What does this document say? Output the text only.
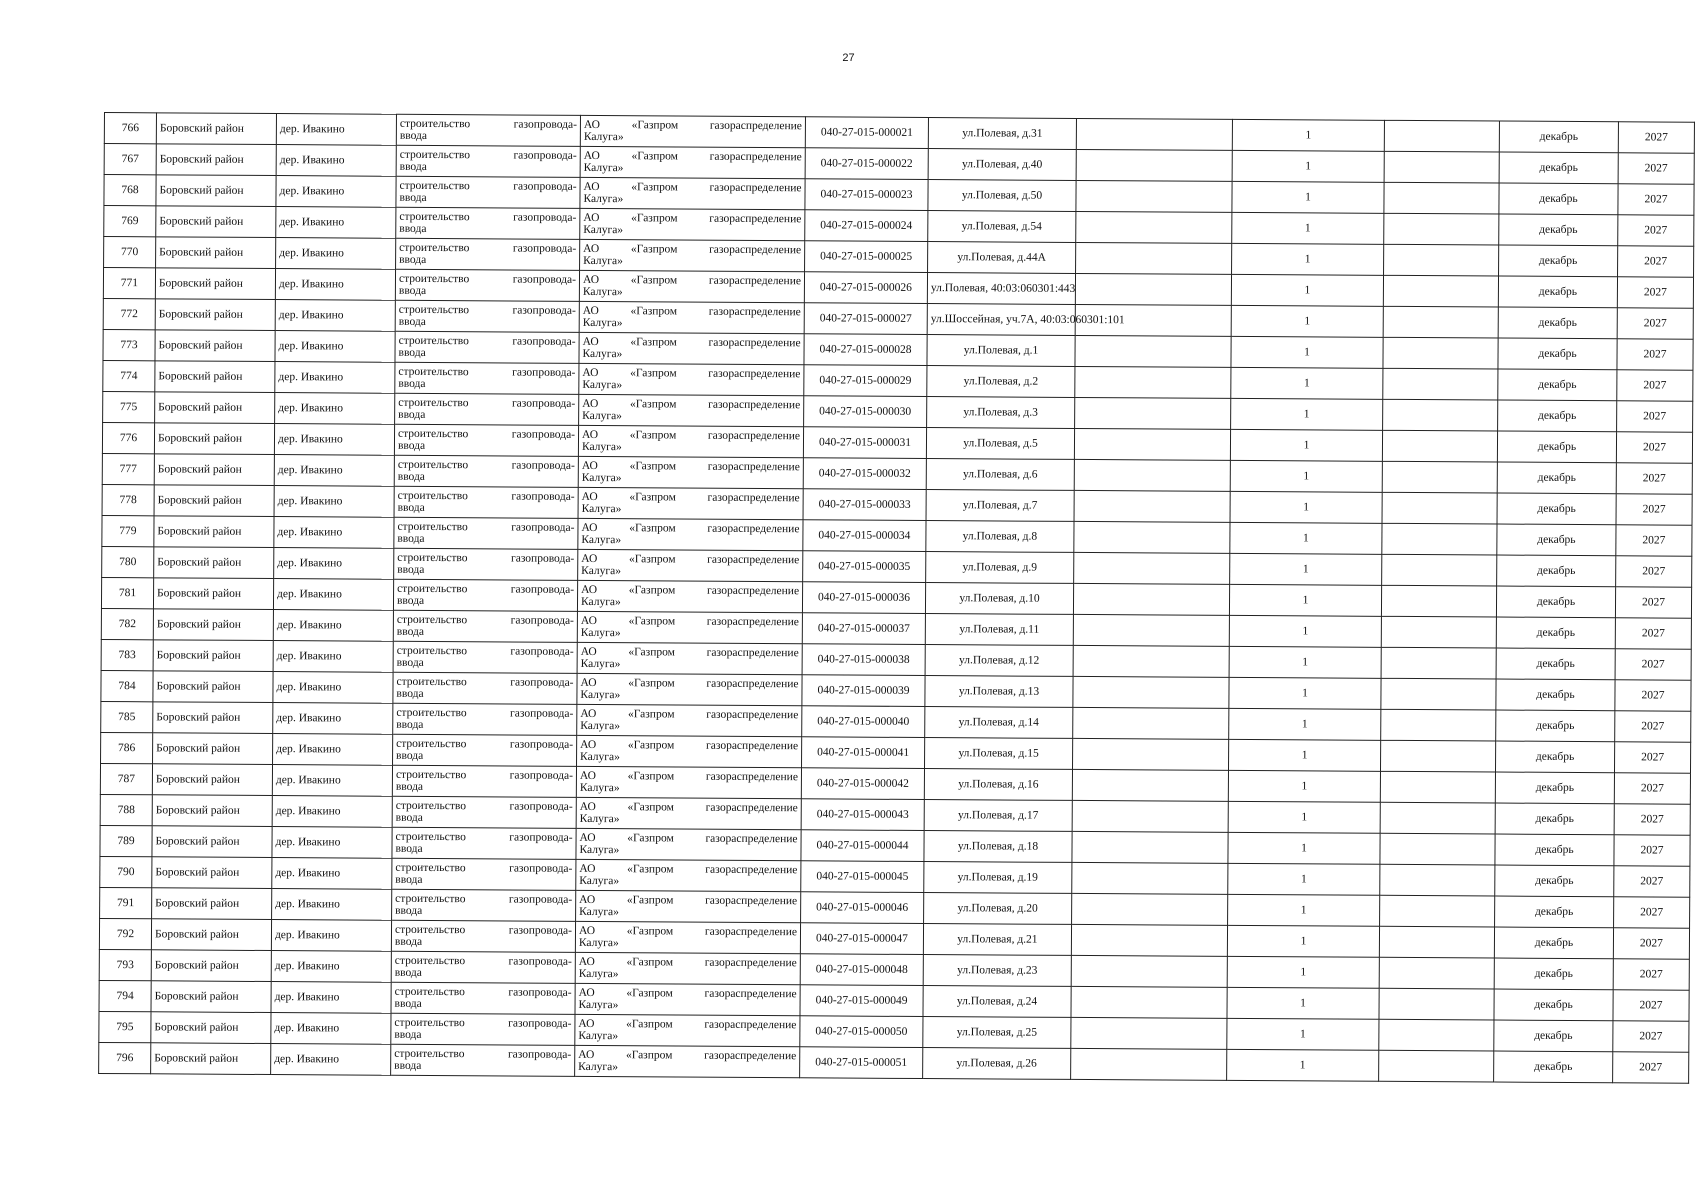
27
766	Боровский район	дер. Ивакино	строительство газопровода-
ввода	АО «Газпром газораспределение
Калуга»	040-27-015-000021	ул.Полевая, д.31		1		декабрь	2027
767	Боровский район	дер. Ивакино	строительство газопровода-
ввода	АО «Газпром газораспределение
Калуга»	040-27-015-000022	ул.Полевая, д.40		1		декабрь	2027
768	Боровский район	дер. Ивакино	строительство газопровода-
ввода	АО «Газпром газораспределение
Калуга»	040-27-015-000023	ул.Полевая, д.50		1		декабрь	2027
769	Боровский район	дер. Ивакино	строительство газопровода-
ввода	АО «Газпром газораспределение
Калуга»	040-27-015-000024	ул.Полевая, д.54		1		декабрь	2027
770	Боровский район	дер. Ивакино	строительство газопровода-
ввода	АО «Газпром газораспределение
Калуга»	040-27-015-000025	ул.Полевая, д.44А		1		декабрь	2027
771	Боровский район	дер. Ивакино	строительство газопровода-
ввода	АО «Газпром газораспределение
Калуга»	040-27-015-000026	ул.Полевая, 40:03:060301:443		1		декабрь	2027
772	Боровский район	дер. Ивакино	строительство газопровода-
ввода	АО «Газпром газораспределение
Калуга»	040-27-015-000027	ул.Шоссейная, уч.7А, 40:03:060301:101		1		декабрь	2027
773	Боровский район	дер. Ивакино	строительство газопровода-
ввода	АО «Газпром газораспределение
Калуга»	040-27-015-000028	ул.Полевая, д.1		1		декабрь	2027
774	Боровский район	дер. Ивакино	строительство газопровода-
ввода	АО «Газпром газораспределение
Калуга»	040-27-015-000029	ул.Полевая, д.2		1		декабрь	2027
775	Боровский район	дер. Ивакино	строительство газопровода-
ввода	АО «Газпром газораспределение
Калуга»	040-27-015-000030	ул.Полевая, д.3		1		декабрь	2027
776	Боровский район	дер. Ивакино	строительство газопровода-
ввода	АО «Газпром газораспределение
Калуга»	040-27-015-000031	ул.Полевая, д.5		1		декабрь	2027
777	Боровский район	дер. Ивакино	строительство газопровода-
ввода	АО «Газпром газораспределение
Калуга»	040-27-015-000032	ул.Полевая, д.6		1		декабрь	2027
778	Боровский район	дер. Ивакино	строительство газопровода-
ввода	АО «Газпром газораспределение
Калуга»	040-27-015-000033	ул.Полевая, д.7		1		декабрь	2027
779	Боровский район	дер. Ивакино	строительство газопровода-
ввода	АО «Газпром газораспределение
Калуга»	040-27-015-000034	ул.Полевая, д.8		1		декабрь	2027
780	Боровский район	дер. Ивакино	строительство газопровода-
ввода	АО «Газпром газораспределение
Калуга»	040-27-015-000035	ул.Полевая, д.9		1		декабрь	2027
781	Боровский район	дер. Ивакино	строительство газопровода-
ввода	АО «Газпром газораспределение
Калуга»	040-27-015-000036	ул.Полевая, д.10		1		декабрь	2027
782	Боровский район	дер. Ивакино	строительство газопровода-
ввода	АО «Газпром газораспределение
Калуга»	040-27-015-000037	ул.Полевая, д.11		1		декабрь	2027
783	Боровский район	дер. Ивакино	строительство газопровода-
ввода	АО «Газпром газораспределение
Калуга»	040-27-015-000038	ул.Полевая, д.12		1		декабрь	2027
784	Боровский район	дер. Ивакино	строительство газопровода-
ввода	АО «Газпром газораспределение
Калуга»	040-27-015-000039	ул.Полевая, д.13		1		декабрь	2027
785	Боровский район	дер. Ивакино	строительство газопровода-
ввода	АО «Газпром газораспределение
Калуга»	040-27-015-000040	ул.Полевая, д.14		1		декабрь	2027
786	Боровский район	дер. Ивакино	строительство газопровода-
ввода	АО «Газпром газораспределение
Калуга»	040-27-015-000041	ул.Полевая, д.15		1		декабрь	2027
787	Боровский район	дер. Ивакино	строительство газопровода-
ввода	АО «Газпром газораспределение
Калуга»	040-27-015-000042	ул.Полевая, д.16		1		декабрь	2027
788	Боровский район	дер. Ивакино	строительство газопровода-
ввода	АО «Газпром газораспределение
Калуга»	040-27-015-000043	ул.Полевая, д.17		1		декабрь	2027
789	Боровский район	дер. Ивакино	строительство газопровода-
ввода	АО «Газпром газораспределение
Калуга»	040-27-015-000044	ул.Полевая, д.18		1		декабрь	2027
790	Боровский район	дер. Ивакино	строительство газопровода-
ввода	АО «Газпром газораспределение
Калуга»	040-27-015-000045	ул.Полевая, д.19		1		декабрь	2027
791	Боровский район	дер. Ивакино	строительство газопровода-
ввода	АО «Газпром газораспределение
Калуга»	040-27-015-000046	ул.Полевая, д.20		1		декабрь	2027
792	Боровский район	дер. Ивакино	строительство газопровода-
ввода	АО «Газпром газораспределение
Калуга»	040-27-015-000047	ул.Полевая, д.21		1		декабрь	2027
793	Боровский район	дер. Ивакино	строительство газопровода-
ввода	АО «Газпром газораспределение
Калуга»	040-27-015-000048	ул.Полевая, д.23		1		декабрь	2027
794	Боровский район	дер. Ивакино	строительство газопровода-
ввода	АО «Газпром газораспределение
Калуга»	040-27-015-000049	ул.Полевая, д.24		1		декабрь	2027
795	Боровский район	дер. Ивакино	строительство газопровода-
ввода	АО «Газпром газораспределение
Калуга»	040-27-015-000050	ул.Полевая, д.25		1		декабрь	2027
796	Боровский район	дер. Ивакино	строительство газопровода-
ввода	АО «Газпром газораспределение
Калуга»	040-27-015-000051	ул.Полевая, д.26		1		декабрь	2027
